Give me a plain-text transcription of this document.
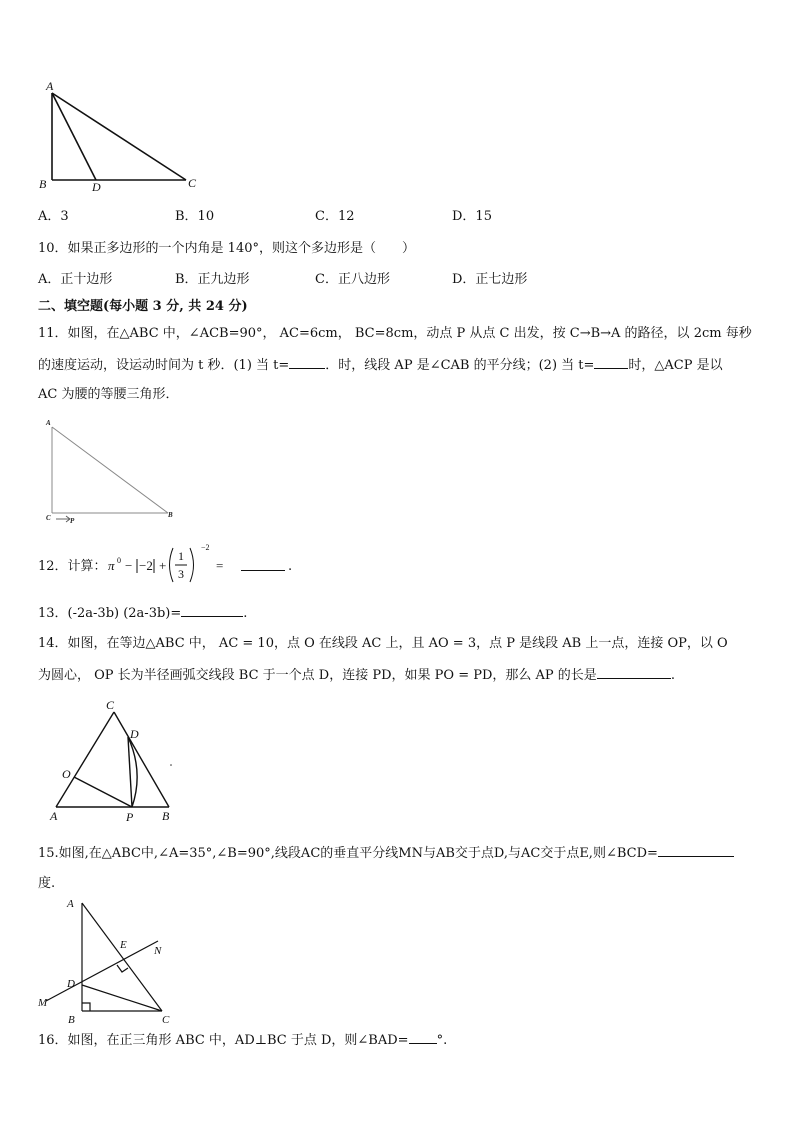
A
B	D	C
A．3	B．10	C．12	D．15
10．如果正多边形的一个内角是 140°，则这个多边形是（　　）
A．正十边形	B．正九边形	C．正八边形	D．正七边形
二、填空题(每小题 3 分, 共 24 分)
11．如图，在△ABC 中，∠ACB=90°， AC=6cm， BC=8cm，动点 P 从点 C 出发，按 C→B→A 的路径，以 2cm 每秒
的速度运动，设运动时间为 t 秒．(1) 当 t=	．时，线段 AP 是∠CAB 的平分线；(2) 当 t=	时，△ACP 是以
AC 为腰的等腰三角形．
A
C	P
B
12．计算： π 0 − −2 +
1
3
−2
=	.
13．(-2a-3b) (2a-3b)=	.
14．如图，在等边△ABC 中， AC = 10，点 O 在线段 AC 上，且 AO = 3，点 P 是线段 AB 上一点，连接 OP，以 O
为圆心， OP 长为半径画弧交线段 BC 于一个点 D，连接 PD，如果 PO = PD，那么 AP 的长是	.
C
D
O
A	P B
15.如图,在△ABC中,∠A=35°,∠B=90°,线段AC的垂直平分线MN与AB交于点D,与AC交于点E,则∠BCD=
度.
A
E N
D
M
B	C
16．如图，在正三角形 ABC 中，AD⊥BC 于点 D，则∠BAD= °.
